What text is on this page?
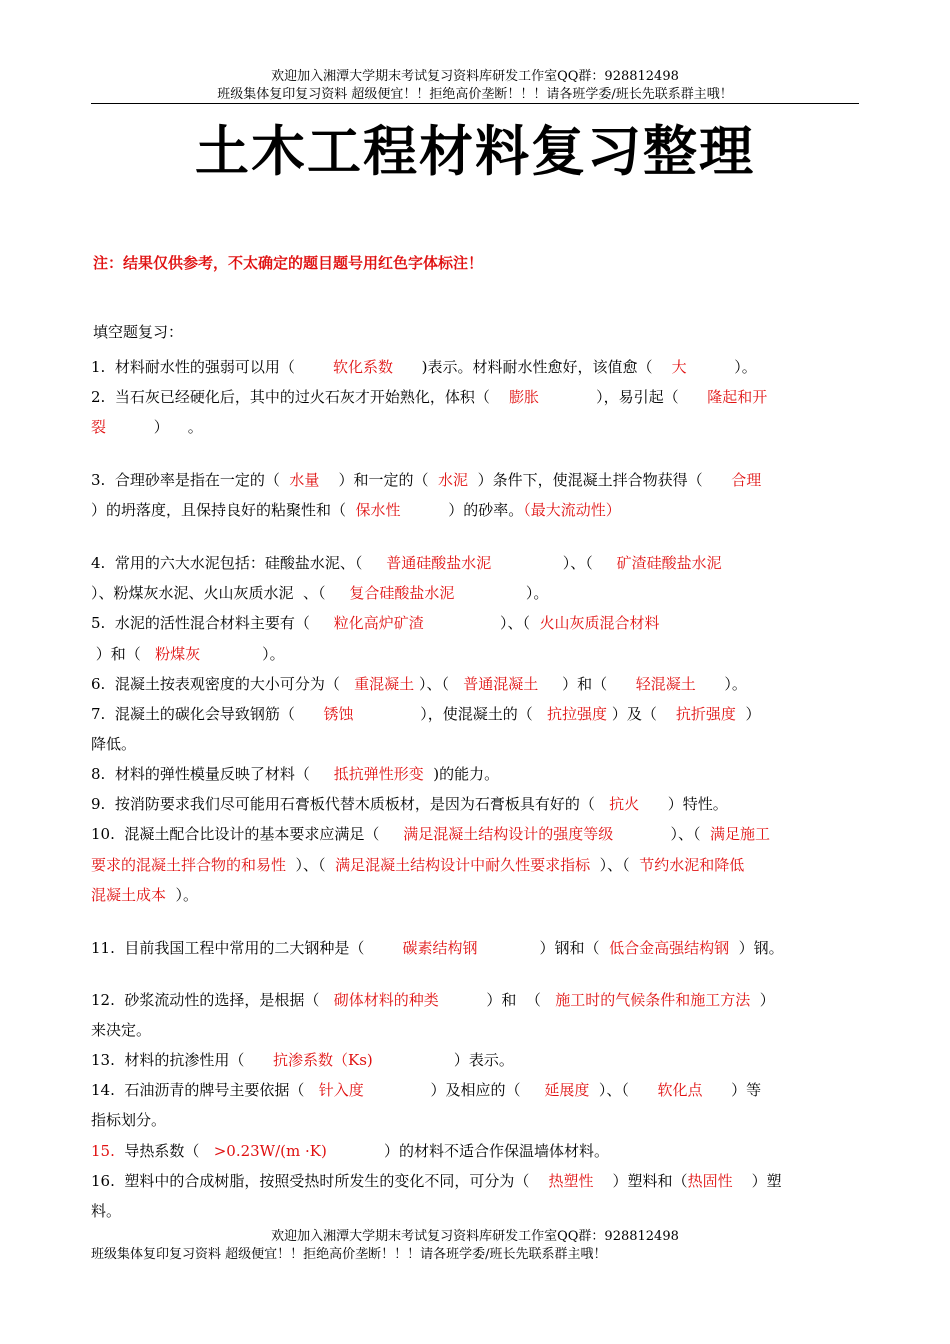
欢迎加入湘潭大学期末考试复习资料库研发工作室QQ群：928812498
班级集体复印复习资料 超级便宜！！拒绝高价垄断！！！请各班学委/班长先联系群主哦！
土木工程材料复习整理
注：结果仅供参考，不太确定的题目题号用红色字体标注！
填空题复习：
1.  材料耐水性的强弱可以用（        软化系数      )表示。材料耐水性愈好，该值愈（    大          ）。
2.  当石灰已经硬化后，其中的过火石灰才开始熟化，体积（    膨胀            ），易引起（      隆起和开
裂          ）    。
3.  合理砂率是指在一定的（  水量    ）和一定的（  水泥  ）条件下，使混凝土拌合物获得（      合理
）的坍落度，且保持良好的粘聚性和（  保水性          ）的砂率。（最大流动性）
4.  常用的六大水泥包括：硅酸盐水泥、（     普通硅酸盐水泥               ）、（     矿渣硅酸盐水泥
）、粉煤灰水泥、火山灰质水泥  、（     复合硅酸盐水泥               ）。
5.  水泥的活性混合材料主要有（     粒化高炉矿渣                ）、（  火山灰质混合材料
）和（   粉煤灰             ）。
6.  混凝土按表观密度的大小可分为（   重混凝土 ）、（   普通混凝土     ）和（      轻混凝土      ）。
7.  混凝土的碳化会导致钢筋（      锈蚀              ），使混凝土的（   抗拉强度 ）及（    抗折强度  ）
降低。
8.  材料的弹性模量反映了材料（     抵抗弹性形变  )的能力。
9.  按消防要求我们尽可能用石膏板代替木质板材，是因为石膏板具有好的（   抗火      ）特性。
10.  混凝土配合比设计的基本要求应满足（     满足混凝土结构设计的强度等级            ）、（  满足施工
要求的混凝土拌合物的和易性  ）、（  满足混凝土结构设计中耐久性要求指标  ）、（  节约水泥和降低
混凝土成本  ）。
11.  目前我国工程中常用的二大钢种是（        碳素结构钢             ）钢和（  低合金高强结构钢  ）钢。
12.  砂浆流动性的选择，是根据（   砌体材料的种类          ）和  （   施工时的气候条件和施工方法  ）
来决定。
13.  材料的抗渗性用（      抗渗系数（Ks)                 ）表示。
14.  石油沥青的牌号主要依据（   针入度              ）及相应的（     延展度  ）、（      软化点      ）等
指标划分。
15.  导热系数（   >0.23W/(m ·K)            ）的材料不适合作保温墙体材料。
16.  塑料中的合成树脂，按照受热时所发生的变化不同，可分为（    热塑性    ）塑料和（热固性    ）塑
料。
欢迎加入湘潭大学期末考试复习资料库研发工作室QQ群：928812498
班级集体复印复习资料 超级便宜！！拒绝高价垄断！！！请各班学委/班长先联系群主哦！
